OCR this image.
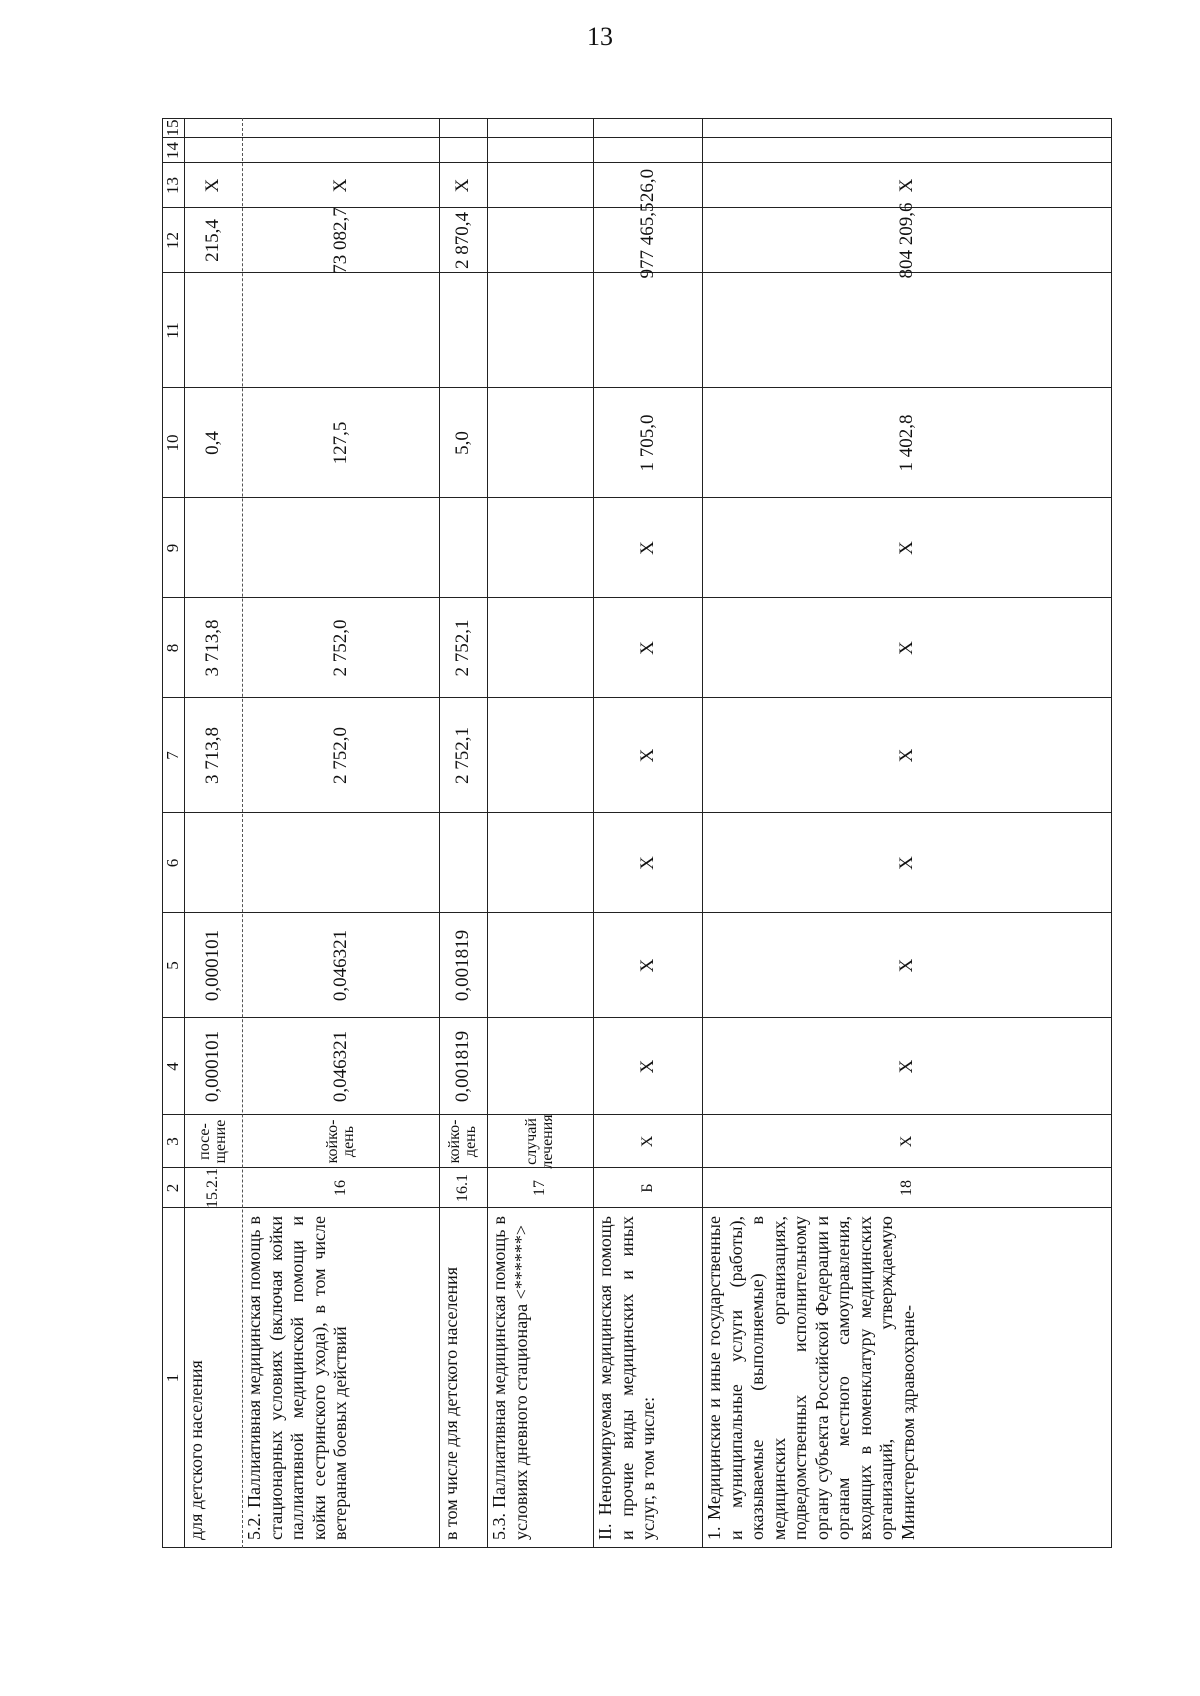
13
1
2
3
4
5
6
7
8
9
10
11
12
13
14
15
для детского населения
15.2.1
посе-щение
0,000101
0,000101
3 713,8
3 713,8
0,4
215,4
Х
5.2. Паллиативная медицинская помощь в стационарных условиях (включая койки паллиативной медицинской помощи и койки сестринского ухода), в том числе ветеранам боевых действий
16
койко-день
0,046321
0,046321
2 752,0
2 752,0
127,5
73 082,7
Х
в том числе для детского населения
16.1
койко-день
0,001819
0,001819
2 752,1
2 752,1
5,0
2 870,4
Х
5.3. Паллиативная медицинская помощь в условиях дневного стационара <******>
17
случай лечения
II. Ненормируемая медицинская помощь и прочие виды медицинских и иных услуг, в том числе:
Б
Х
Х
Х
Х
Х
Х
Х
1 705,0
977 465,5
26,0
1. Медицинские и иные государственные и муниципальные услуги (работы), оказываемые (выполняемые) в медицинских организациях, подведомственных исполнительному органу субъекта Российской Федерации и органам местного самоуправления, входящих в номенклатуру медицинских организаций, утверждаемую Министерством здравоохране-
18
Х
Х
Х
Х
Х
Х
Х
1 402,8
804 209,6
Х
